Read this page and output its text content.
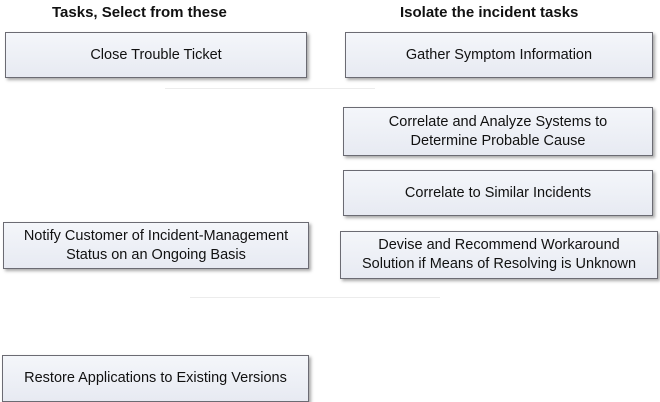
Tasks, Select from these	Isolate the incident tasks
Close Trouble Ticket
Notify Customer of Incident-Management
Status on an Ongoing Basis
Restore Applications to Existing Versions
Gather Symptom Information
Correlate and Analyze Systems to
Determine Probable Cause
Correlate to Similar Incidents
Devise and Recommend Workaround
Solution if Means of Resolving is Unknown
